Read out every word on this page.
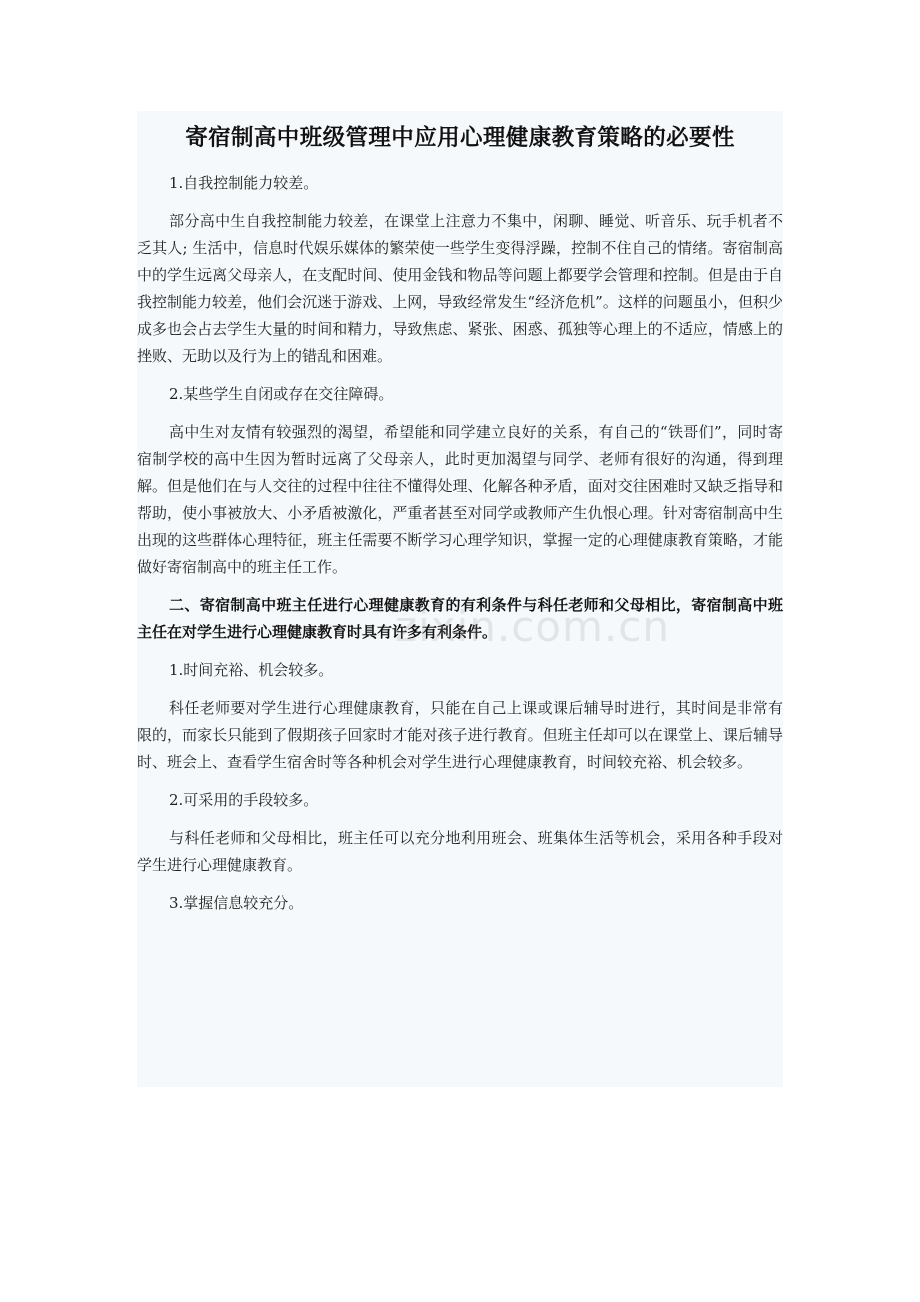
寄宿制高中班级管理中应用心理健康教育策略的必要性

1.自我控制能力较差。

部分高中生自我控制能力较差，在课堂上注意力不集中，闲聊、睡觉、听音乐、玩手机者不乏其人; 生活中，信息时代娱乐媒体的繁荣使一些学生变得浮躁，控制不住自己的情绪。寄宿制高中的学生远离父母亲人，在支配时间、使用金钱和物品等问题上都要学会管理和控制。但是由于自我控制能力较差，他们会沉迷于游戏、上网，导致经常发生“经济危机”。这样的问题虽小，但积少成多也会占去学生大量的时间和精力，导致焦虑、紧张、困惑、孤独等心理上的不适应，情感上的挫败、无助以及行为上的错乱和困难。

2.某些学生自闭或存在交往障碍。

高中生对友情有较强烈的渴望，希望能和同学建立良好的关系，有自己的“铁哥们”，同时寄宿制学校的高中生因为暂时远离了父母亲人，此时更加渴望与同学、老师有很好的沟通，得到理解。但是他们在与人交往的过程中往往不懂得处理、化解各种矛盾，面对交往困难时又缺乏指导和帮助，使小事被放大、小矛盾被激化，严重者甚至对同学或教师产生仇恨心理。针对寄宿制高中生出现的这些群体心理特征，班主任需要不断学习心理学知识，掌握一定的心理健康教育策略，才能做好寄宿制高中的班主任工作。

二、寄宿制高中班主任进行心理健康教育的有利条件与科任老师和父母相比，寄宿制高中班主任在对学生进行心理健康教育时具有许多有利条件。

1.时间充裕、机会较多。

科任老师要对学生进行心理健康教育，只能在自己上课或课后辅导时进行，其时间是非常有限的，而家长只能到了假期孩子回家时才能对孩子进行教育。但班主任却可以在课堂上、课后辅导时、班会上、查看学生宿舍时等各种机会对学生进行心理健康教育，时间较充裕、机会较多。

2.可采用的手段较多。

与科任老师和父母相比，班主任可以充分地利用班会、班集体生活等机会，采用各种手段对学生进行心理健康教育。

3.掌握信息较充分。

zixin.com.cn
